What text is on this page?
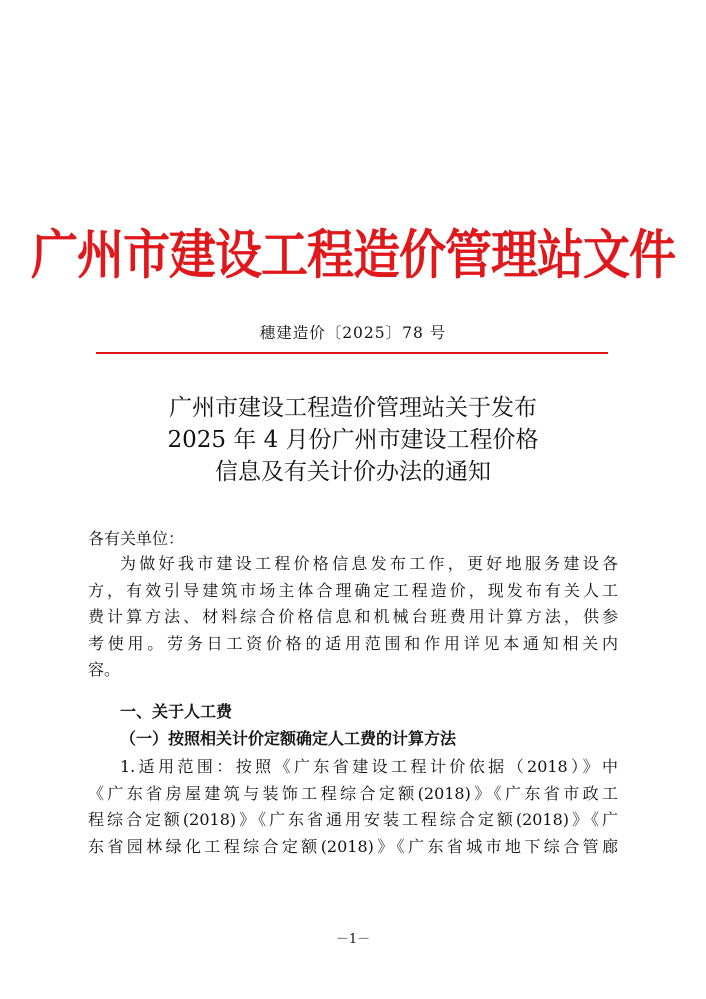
广州市建设工程造价管理站文件
穗建造价〔2025〕78 号
广州市建设工程造价管理站关于发布
2025 年 4 月份广州市建设工程价格
信息及有关计价办法的通知
各有关单位：
为做好我市建设工程价格信息发布工作，更好地服务建设各
方，有效引导建筑市场主体合理确定工程造价，现发布有关人工
费计算方法、材料综合价格信息和机械台班费用计算方法，供参
考使用。劳务日工资价格的适用范围和作用详见本通知相关内
容。
一、关于人工费
（一）按照相关计价定额确定人工费的计算方法
1.适用范围：按照《广东省建设工程计价依据（2018）》中
《广东省房屋建筑与装饰工程综合定额(2018)》《广东省市政工
程综合定额(2018)》《广东省通用安装工程综合定额(2018)》《广
东省园林绿化工程综合定额(2018)》《广东省城市地下综合管廊
－1－
